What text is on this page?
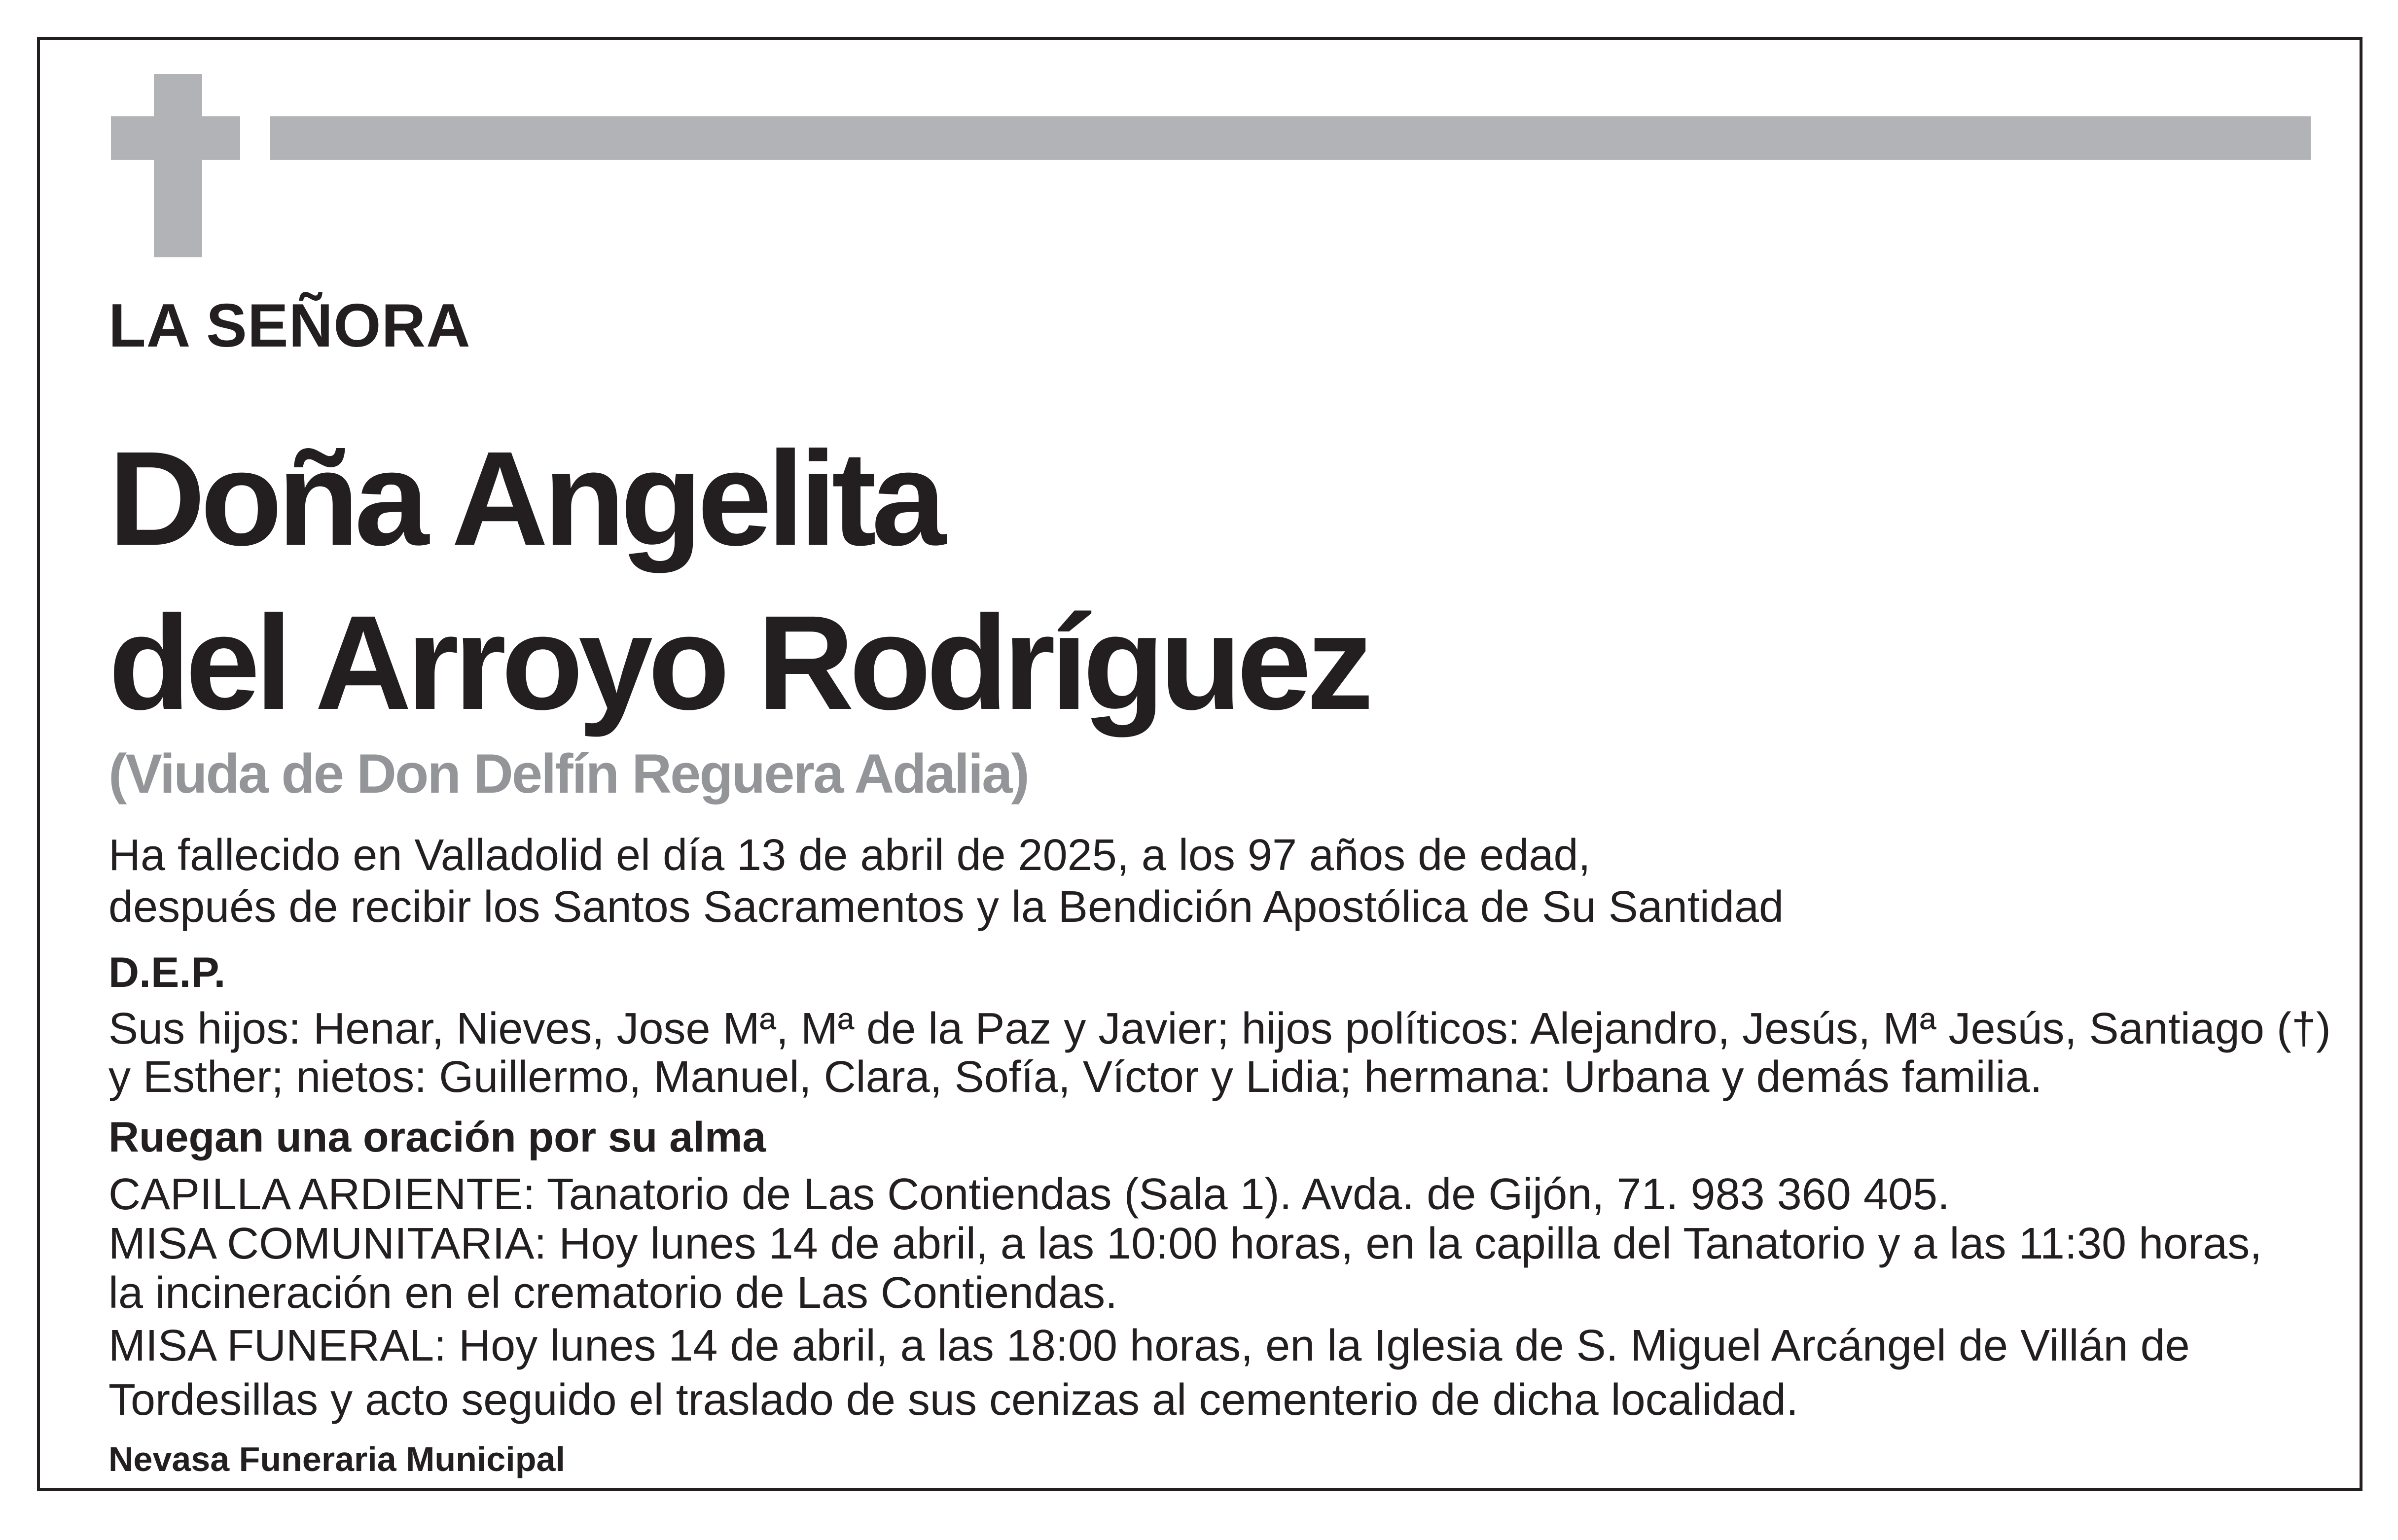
LA SEÑORA
Doña Angelita
del Arroyo Rodríguez
(Viuda de Don Delfín Reguera Adalia)
Ha fallecido en Valladolid el día 13 de abril de 2025, a los 97 años de edad,
después de recibir los Santos Sacramentos y la Bendición Apostólica de Su Santidad
D.E.P.
Sus hijos: Henar, Nieves, Jose Mª, Mª de la Paz y Javier; hijos políticos: Alejandro, Jesús, Mª Jesús, Santiago (†)
y Esther; nietos: Guillermo, Manuel, Clara, Sofía, Víctor y Lidia; hermana: Urbana y demás familia.
Ruegan una oración por su alma
CAPILLA ARDIENTE: Tanatorio de Las Contiendas (Sala 1). Avda. de Gijón, 71. 983 360 405.
MISA COMUNITARIA: Hoy lunes 14 de abril, a las 10:00 horas, en la capilla del Tanatorio y a las 11:30 horas,
la incineración en el crematorio de Las Contiendas.
MISA FUNERAL: Hoy lunes 14 de abril, a las 18:00 horas, en la Iglesia de S. Miguel Arcángel de Villán de
Tordesillas y acto seguido el traslado de sus cenizas al cementerio de dicha localidad.
Nevasa Funeraria Municipal
